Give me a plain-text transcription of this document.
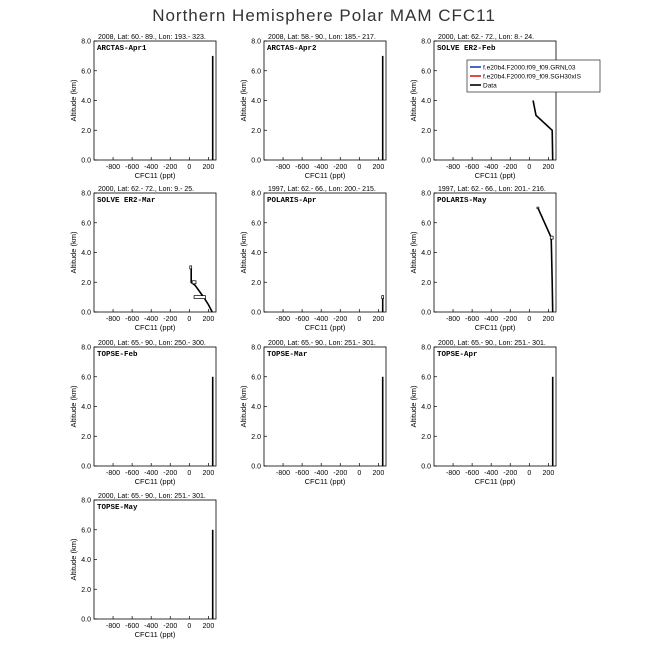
Northern Hemisphere Polar MAM CFC11
2008, Lat: 60.- 89., Lon: 193.- 323.
ARCTAS-Apr1
-800 -600 -400 -200 0 200
0.0
2.0
4.0
6.0
8.0
CFC11 (ppt)
Altitude (km)
2008, Lat: 58.- 90., Lon: 185.- 217.
ARCTAS-Apr2
-800 -600 -400 -200 0 200
0.0
2.0
4.0
6.0
8.0
CFC11 (ppt)
Altitude (km)
2000, Lat: 62.- 72., Lon: 8.- 24.
SOLVE ER2-Feb
-800 -600 -400 -200 0 200
0.0
2.0
4.0
6.0
8.0
CFC11 (ppt)
Altitude (km)
f.e20b4.F2000.f09_f09.GRNL03
f.e20b4.F2000.f09_f09.SGH30xIS
Data
2000, Lat: 62.- 72., Lon: 9.- 25.
SOLVE ER2-Mar
-800 -600 -400 -200 0 200
0.0
2.0
4.0
6.0
8.0
CFC11 (ppt)
Altitude (km)
1997, Lat: 62.- 66., Lon: 200.- 215.
POLARIS-Apr
-800 -600 -400 -200 0 200
0.0
2.0
4.0
6.0
8.0
CFC11 (ppt)
Altitude (km)
1997, Lat: 62.- 66., Lon: 201.- 216.
POLARIS-May
-800 -600 -400 -200 0 200
0.0
2.0
4.0
6.0
8.0
CFC11 (ppt)
Altitude (km)
2000, Lat: 65.- 90., Lon: 250.- 300.
TOPSE-Feb
-800 -600 -400 -200 0 200
0.0
2.0
4.0
6.0
8.0
CFC11 (ppt)
Altitude (km)
2000, Lat: 65.- 90., Lon: 251.- 301.
TOPSE-Mar
-800 -600 -400 -200 0 200
0.0
2.0
4.0
6.0
8.0
CFC11 (ppt)
Altitude (km)
2000, Lat: 65.- 90., Lon: 251.- 301.
TOPSE-Apr
-800 -600 -400 -200 0 200
0.0
2.0
4.0
6.0
8.0
CFC11 (ppt)
Altitude (km)
2000, Lat: 65.- 90., Lon: 251.- 301.
TOPSE-May
-800 -600 -400 -200 0 200
0.0
2.0
4.0
6.0
8.0
CFC11 (ppt)
Altitude (km)
